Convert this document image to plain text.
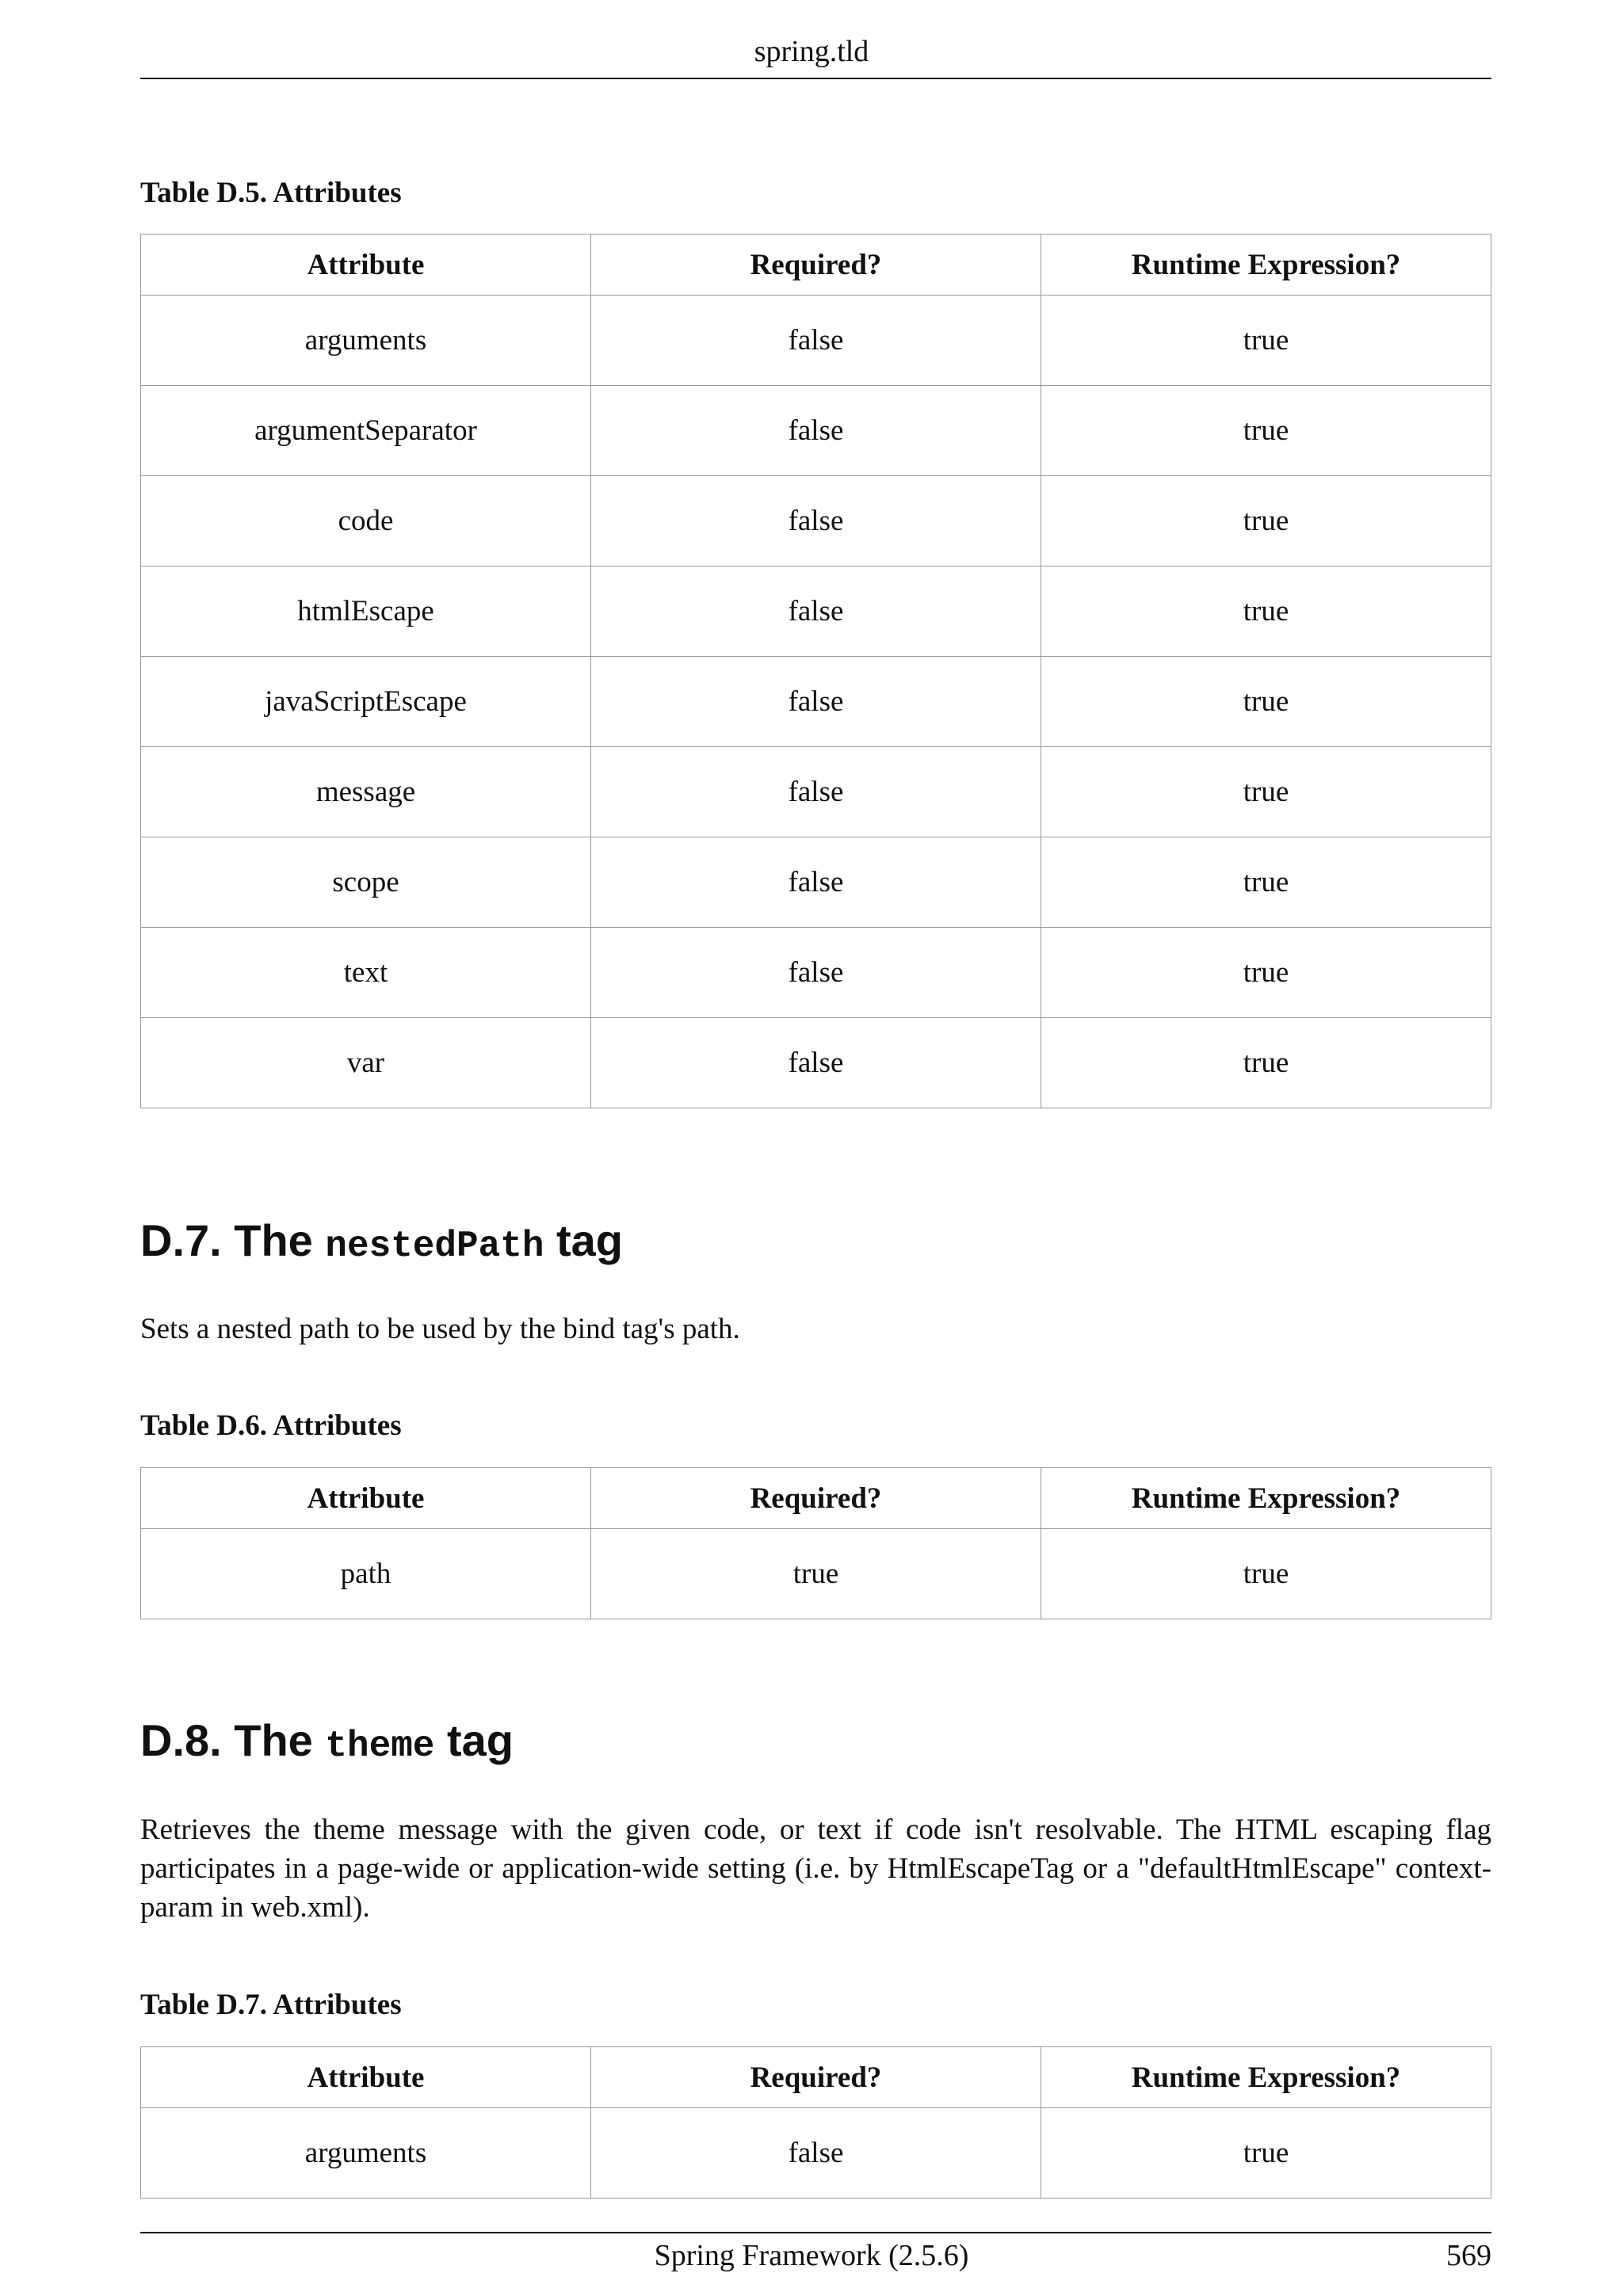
spring.tld
Table D.5. Attributes
Attribute	Required?	Runtime Expression?
arguments	false	true
argumentSeparator	false	true
code	false	true
htmlEscape	false	true
javaScriptEscape	false	true
message	false	true
scope	false	true
text	false	true
var	false	true
D.7. The nestedPath tag

Sets a nested path to be used by the bind tag's path.

Table D.6. Attributes
Attribute	Required?	Runtime Expression?
path	true	true
D.8. The theme tag

Retrieves the theme message with the given code, or text if code isn't resolvable. The HTML escaping flag participates in a page-wide or application-wide setting (i.e. by HtmlEscapeTag or a "defaultHtmlEscape" context-param in web.xml).

Table D.7. Attributes
Attribute	Required?	Runtime Expression?
arguments	false	true
Spring Framework (2.5.6)	569
